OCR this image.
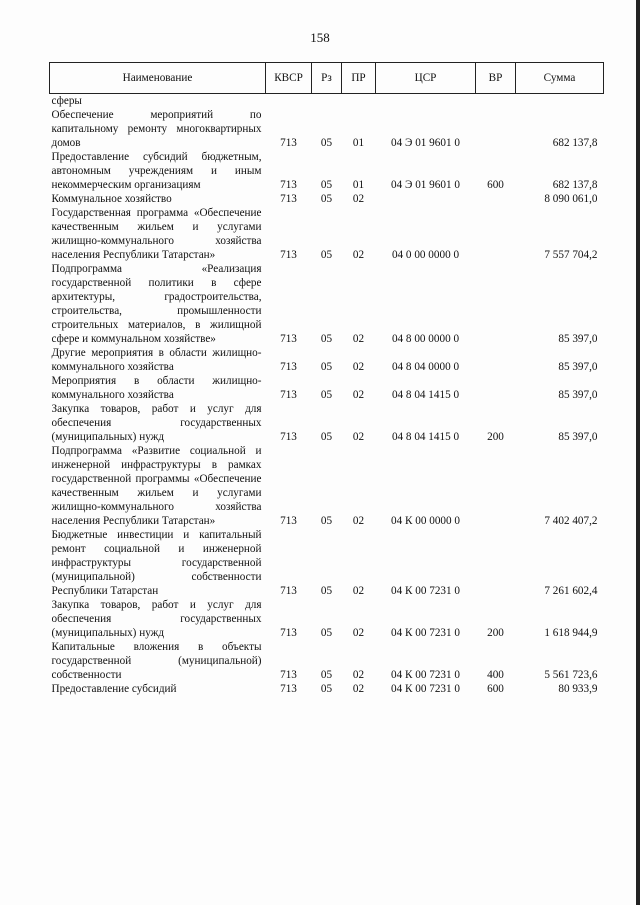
158
Наименование	КВСР	Рз	ПР	ЦСР	ВР	Сумма
сферы						
Обеспечение мероприятий по капитальному ремонту многоквартирных домов	713	05	01	04 Э 01 9601 0		682 137,8
Предоставление субсидий бюджетным, автономным учреждениям и иным некоммерческим организациям	713	05	01	04 Э 01 9601 0	600	682 137,8
Коммунальное хозяйство	713	05	02			8 090 061,0
Государственная программа «Обеспечение качественным жильем и услугами жилищно-коммунального хозяйства населения Республики Татарстан»	713	05	02	04 0 00 0000 0		7 557 704,2
Подпрограмма «Реализация государственной политики в сфере архитектуры, градостроительства, строительства, промышленности строительных материалов, в жилищной сфере и коммунальном хозяйстве»	713	05	02	04 8 00 0000 0		85 397,0
Другие мероприятия в области жилищно-коммунального хозяйства	713	05	02	04 8 04 0000 0		85 397,0
Мероприятия в области жилищно-коммунального хозяйства	713	05	02	04 8 04 1415 0		85 397,0
Закупка товаров, работ и услуг для обеспечения государственных (муниципальных) нужд	713	05	02	04 8 04 1415 0	200	85 397,0
Подпрограмма «Развитие социальной и инженерной инфраструктуры в рамках государственной программы «Обеспечение качественным жильем и услугами жилищно-коммунального хозяйства населения Республики Татарстан»	713	05	02	04 К 00 0000 0		7 402 407,2
Бюджетные инвестиции и капитальный ремонт социальной и инженерной инфраструктуры государственной (муниципальной) собственности Республики Татарстан	713	05	02	04 К 00 7231 0		7 261 602,4
Закупка товаров, работ и услуг для обеспечения государственных (муниципальных) нужд	713	05	02	04 К 00 7231 0	200	1 618 944,9
Капитальные вложения в объекты государственной (муниципальной) собственности	713	05	02	04 К 00 7231 0	400	5 561 723,6
Предоставление субсидий	713	05	02	04 К 00 7231 0	600	80 933,9
